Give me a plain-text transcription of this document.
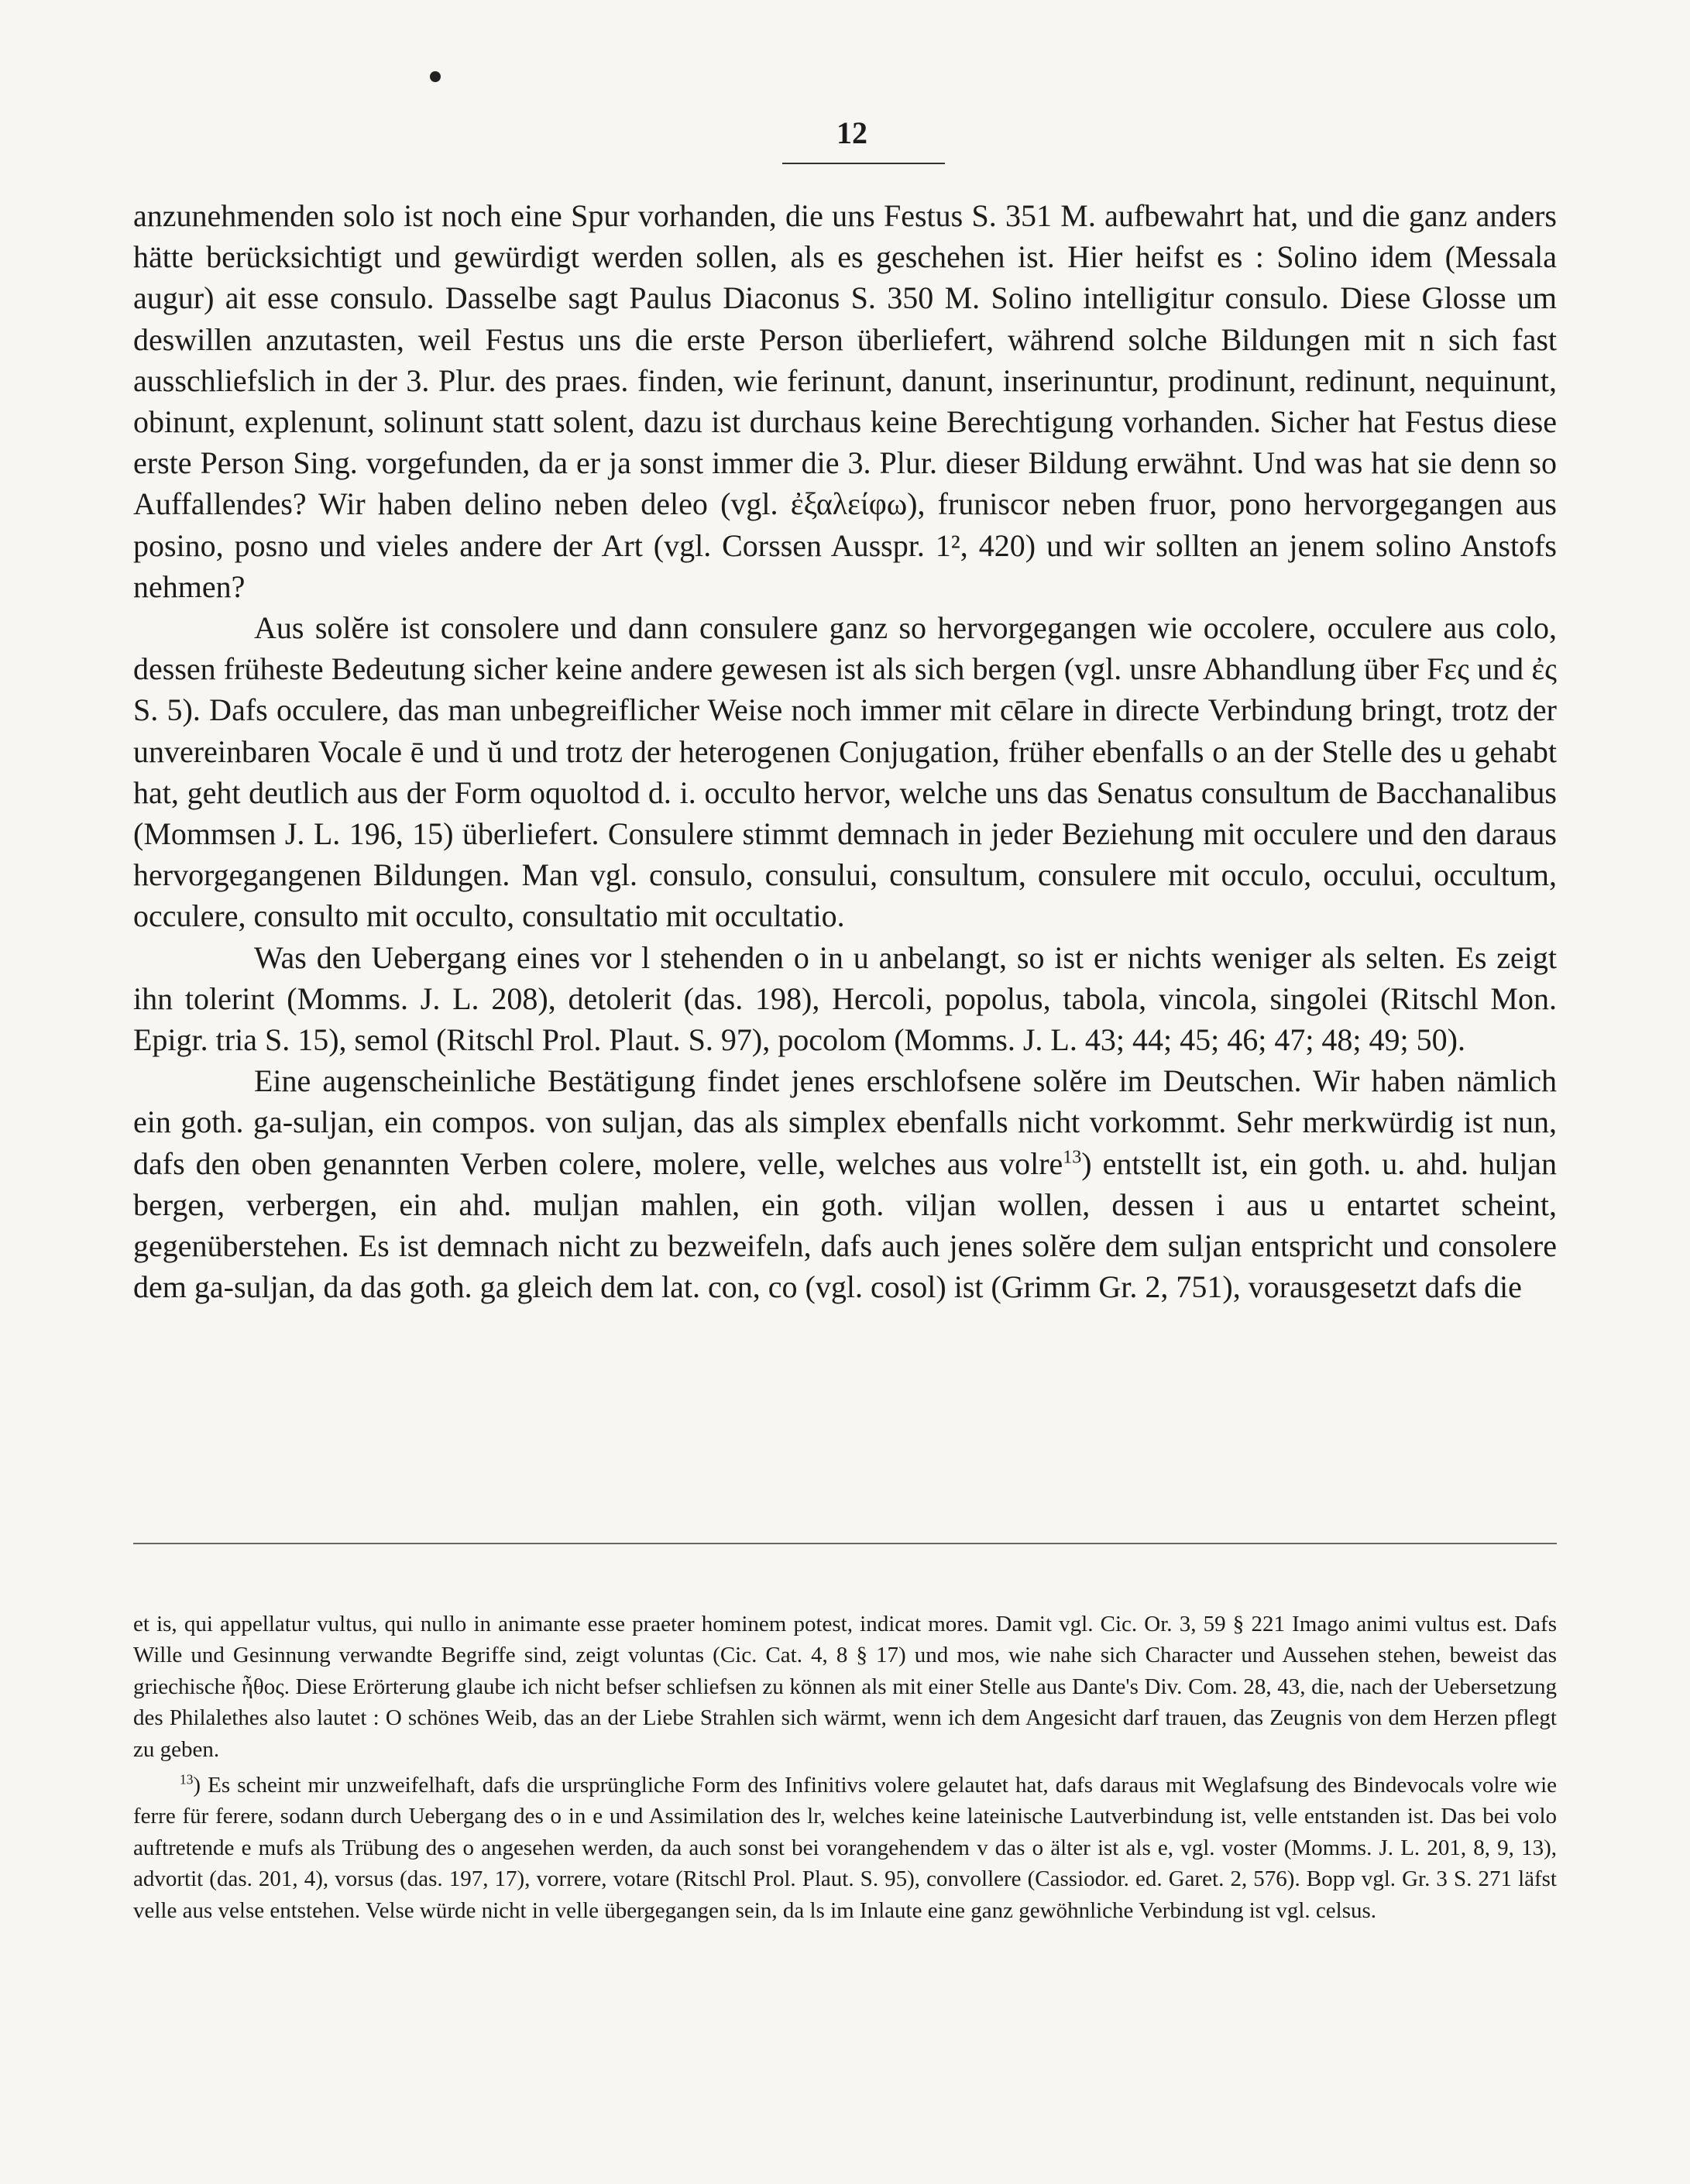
12

anzunehmenden solo ist noch eine Spur vorhanden, die uns Festus S. 351 M. aufbewahrt hat, und die ganz anders hätte berücksichtigt und gewürdigt werden sollen, als es geschehen ist. Hier heifst es : Solino idem (Messala augur) ait esse consulo. Dasselbe sagt Paulus Diaconus S. 350 M. Solino intelligitur consulo. Diese Glosse um deswillen anzutasten, weil Festus uns die erste Person überliefert, während solche Bildungen mit n sich fast ausschliefslich in der 3. Plur. des praes. finden, wie ferinunt, danunt, inserinuntur, prodinunt, redinunt, nequinunt, obinunt, explenunt, solinunt statt solent, dazu ist durchaus keine Berechtigung vorhanden. Sicher hat Festus diese erste Person Sing. vorgefunden, da er ja sonst immer die 3. Plur. dieser Bildung erwähnt. Und was hat sie denn so Auffallendes? Wir haben delino neben deleo (vgl. ἐξαλείφω), fruniscor neben fruor, pono hervorgegangen aus posino, posno und vieles andere der Art (vgl. Corssen Ausspr. 1², 420) und wir sollten an jenem solino Anstofs nehmen?

Aus solĕre ist consolere und dann consulere ganz so hervorgegangen wie occolere, occulere aus colo, dessen früheste Bedeutung sicher keine andere gewesen ist als sich bergen (vgl. unsre Abhandlung über Fες und ἐς S. 5). Dafs occulere, das man unbegreiflicher Weise noch immer mit cēlare in directe Verbindung bringt, trotz der unvereinbaren Vocale ē und ŭ und trotz der heterogenen Conjugation, früher ebenfalls o an der Stelle des u gehabt hat, geht deutlich aus der Form oquoltod d. i. occulto hervor, welche uns das Senatus consultum de Bacchanalibus (Mommsen J. L. 196, 15) überliefert. Consulere stimmt demnach in jeder Beziehung mit occulere und den daraus hervorgegangenen Bildungen. Man vgl. consulo, consului, consultum, consulere mit occulo, occului, occultum, occulere, consulto mit occulto, consultatio mit occultatio.

Was den Uebergang eines vor l stehenden o in u anbelangt, so ist er nichts weniger als selten. Es zeigt ihn tolerint (Momms. J. L. 208), detolerit (das. 198), Hercoli, popolus, tabola, vincola, singolei (Ritschl Mon. Epigr. tria S. 15), semol (Ritschl Prol. Plaut. S. 97), pocolom (Momms. J. L. 43; 44; 45; 46; 47; 48; 49; 50).

Eine augenscheinliche Bestätigung findet jenes erschlofsene solĕre im Deutschen. Wir haben nämlich ein goth. ga-suljan, ein compos. von suljan, das als simplex ebenfalls nicht vorkommt. Sehr merkwürdig ist nun, dafs den oben genannten Verben colere, molere, velle, welches aus volre$^{13}$) entstellt ist, ein goth. u. ahd. huljan bergen, verbergen, ein ahd. muljan mahlen, ein goth. viljan wollen, dessen i aus u entartet scheint, gegenüberstehen. Es ist demnach nicht zu bezweifeln, dafs auch jenes solĕre dem suljan entspricht und consolere dem ga-suljan, da das goth. ga gleich dem lat. con, co (vgl. cosol) ist (Grimm Gr. 2, 751), vorausgesetzt dafs die

et is, qui appellatur vultus, qui nullo in animante esse praeter hominem potest, indicat mores. Damit vgl. Cic. Or. 3, 59 § 221 Imago animi vultus est. Dafs Wille und Gesinnung verwandte Begriffe sind, zeigt voluntas (Cic. Cat. 4, 8 § 17) und mos, wie nahe sich Character und Aussehen stehen, beweist das griechische ἦθος. Diese Erörterung glaube ich nicht befser schliefsen zu können als mit einer Stelle aus Dante's Div. Com. 28, 43, die, nach der Uebersetzung des Philalethes also lautet : O schönes Weib, das an der Liebe Strahlen sich wärmt, wenn ich dem Angesicht darf trauen, das Zeugnis von dem Herzen pflegt zu geben.

$^{13}$) Es scheint mir unzweifelhaft, dafs die ursprüngliche Form des Infinitivs volere gelautet hat, dafs daraus mit Weglafsung des Bindevocals volre wie ferre für ferere, sodann durch Uebergang des o in e und Assimilation des lr, welches keine lateinische Lautverbindung ist, velle entstanden ist. Das bei volo auftretende e mufs als Trübung des o angesehen werden, da auch sonst bei vorangehendem v das o älter ist als e, vgl. voster (Momms. J. L. 201, 8, 9, 13), advortit (das. 201, 4), vorsus (das. 197, 17), vorrere, votare (Ritschl Prol. Plaut. S. 95), convollere (Cassiodor. ed. Garet. 2, 576). Bopp vgl. Gr. 3 S. 271 läfst velle aus velse entstehen. Velse würde nicht in velle übergegangen sein, da ls im Inlaute eine ganz gewöhnliche Verbindung ist vgl. celsus.
